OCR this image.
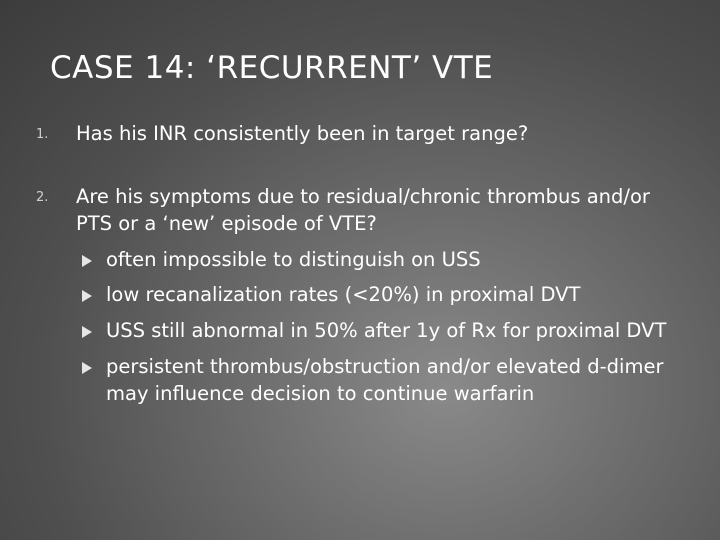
CASE 14: ‘RECURRENT’ VTE
1. Has his INR consistently been in target range?
2. Are his symptoms due to residual/chronic thrombus and/or
PTS or a ‘new’ episode of VTE?
often impossible to distinguish on USS
low recanalization rates (<20%) in proximal DVT
USS still abnormal in 50% after 1y of Rx for proximal DVT
persistent thrombus/obstruction and/or elevated d-dimer
may influence decision to continue warfarin
